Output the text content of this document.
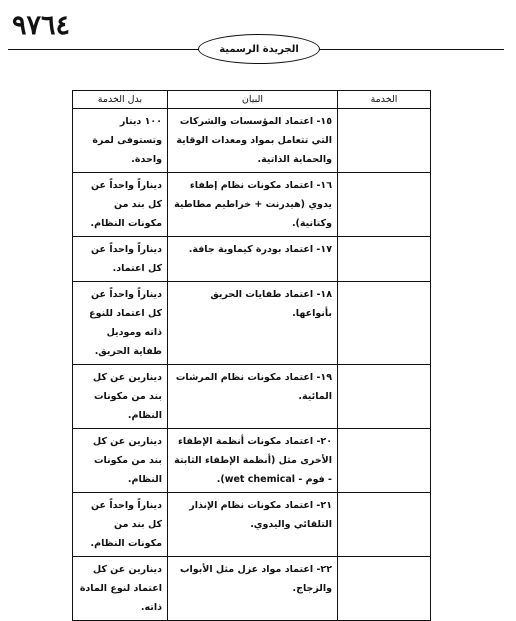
٩٧٦٤
الجريدة الرسمية
الخدمة	البيان	بدل الخدمة
	١٥- اعتماد المؤسسات والشركات التي تتعامل بمواد ومعدات الوقاية والحماية الذاتية.	١٠٠ دينار وتستوفى لمرة واحدة.
	١٦- اعتماد مكونات نظام إطفاء يدوي (هيدرنت + خراطيم مطاطية وكتانية).	ديناراً واحداً عن كل بند من مكونات النظام.
	١٧- اعتماد بودرة كيماوية جافة.	ديناراً واحداً عن كل اعتماد.
	١٨- اعتماد طفايات الحريق بأنواعها.	ديناراً واحداً عن كل اعتماد للنوع ذاته وموديل طفاية الحريق.
	١٩- اعتماد مكونات نظام المرشات المائية.	دينارين عن كل بند من مكونات النظام.
	٢٠- اعتماد مكونات أنظمة الإطفاء الأخرى مثل (أنظمة الإطفاء الثابتة - فوم - wet chemical).	دينارين عن كل بند من مكونات النظام.
	٢١- اعتماد مكونات نظام الإنذار التلقائي واليدوي.	ديناراً واحداً عن كل بند من مكونات النظام.
	٢٢- اعتماد مواد عزل مثل الأبواب والزجاج.	دينارين عن كل اعتماد لنوع المادة ذاته.
